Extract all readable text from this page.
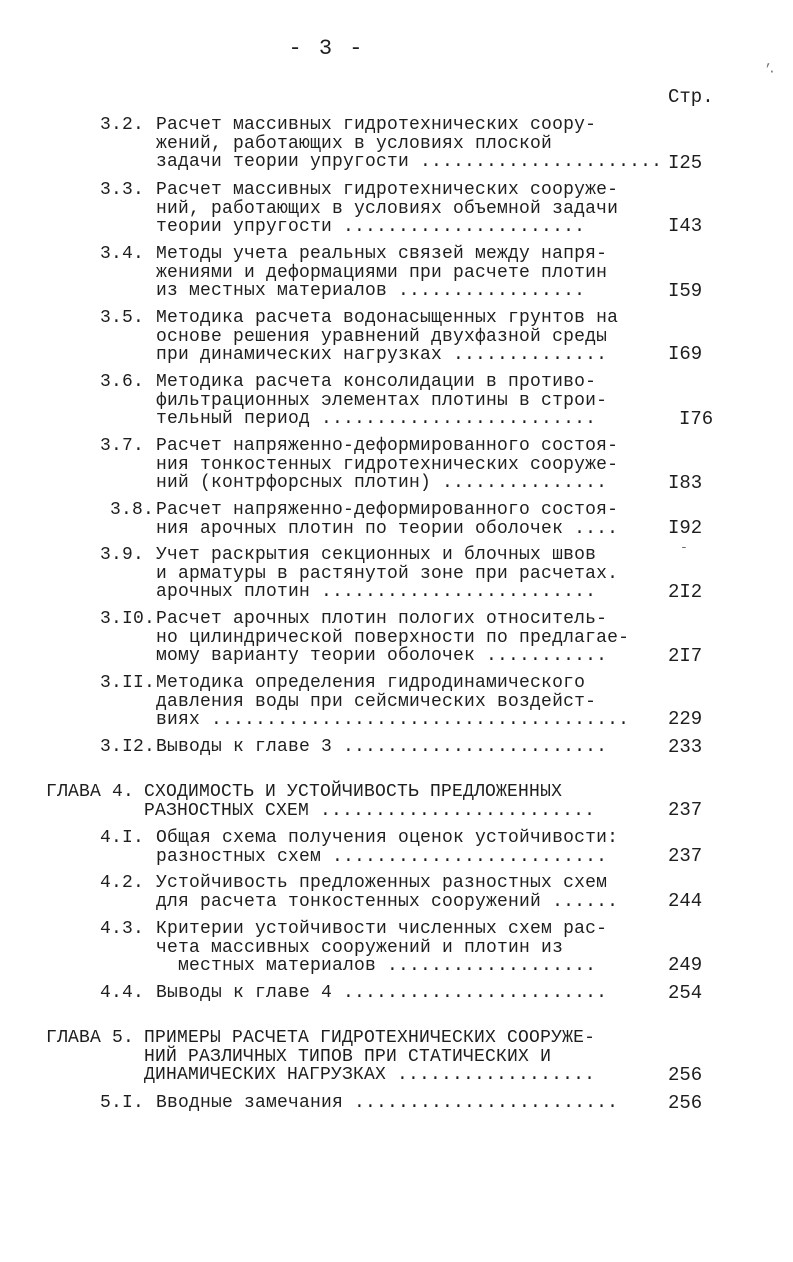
- 3 -
Стр.
,
·
3.2. Расчет массивных гидротехнических соору-
жений, работающих в условиях плоской
задачи теории упругости ...................... I25
3.3. Расчет массивных гидротехнических сооруже-
ний, работающих в условиях объемной задачи
теории упругости ......................	I43
3.4. Методы учета реальных связей между напря-
жениями и деформациями при расчете плотин
из местных материалов .................	I59
3.5. Методика расчета водонасыщенных грунтов на
основе решения уравнений двухфазной среды
при динамических нагрузках ..............	I69
3.6. Методика расчета консолидации в противо-
фильтрационных элементах плотины в строи-
тельный период .........................	I76
3.7. Расчет напряженно-деформированного состоя-
ния тонкостенных гидротехнических сооруже-
ний (контрфорсных плотин) ...............	I83
3.8. Расчет напряженно-деформированного состоя-
ния арочных плотин по теории оболочек ....	I92
3.9. Учет раскрытия секционных и блочных швов
и арматуры в растянутой зоне при расчетах.
арочных плотин .........................	2I2
-
3.I0. Расчет арочных плотин пологих относитель-
но цилиндрической поверхности по предлагае-
мому варианту теории оболочек ...........	2I7
3.II. Методика определения гидродинамического
давления воды при сейсмических воздейст-
виях ...................................... 229
3.I2. Выводы к главе 3 ........................	233
ГЛАВА 4. СХОДИМОСТЬ И УСТОЙЧИВОСТЬ ПРЕДЛОЖЕННЫХ
РАЗНОСТНЫХ СХЕМ .........................	237
4.I. Общая схема получения оценок устойчивости:
разностных схем .........................	237
4.2. Устойчивость предложенных разностных схем
для расчета тонкостенных сооружений ......	244
4.3. Критерии устойчивости численных схем рас-
чета массивных сооружений и плотин из
местных материалов ...................	249
4.4. Выводы к главе 4 ........................	254
ГЛАВА 5. ПРИМЕРЫ РАСЧЕТА ГИДРОТЕХНИЧЕСКИХ СООРУЖЕ-
НИЙ РАЗЛИЧНЫХ ТИПОВ ПРИ СТАТИЧЕСКИХ И
ДИНАМИЧЕСКИХ НАГРУЗКАХ ..................	256
5.I. Вводные замечания ........................	256
